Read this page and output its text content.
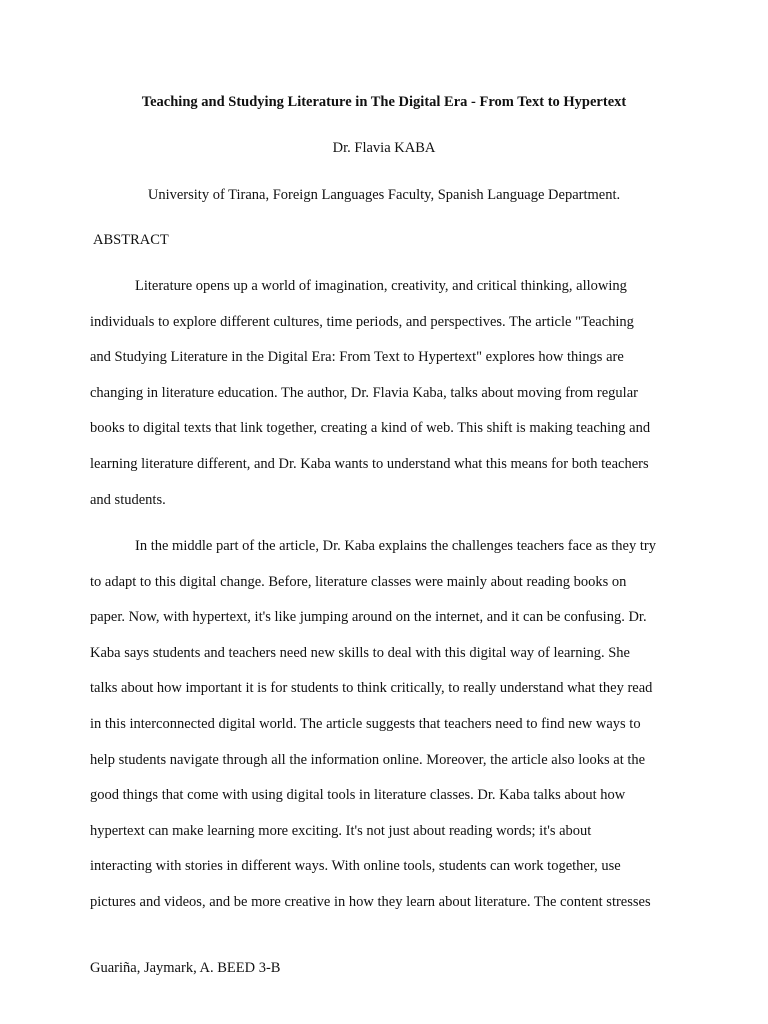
Teaching and Studying Literature in The Digital Era - From Text to Hypertext
Dr. Flavia KABA
University of Tirana, Foreign Languages Faculty, Spanish Language Department.
ABSTRACT
Literature opens up a world of imagination, creativity, and critical thinking, allowing
individuals to explore different cultures, time periods, and perspectives. The article "Teaching
and Studying Literature in the Digital Era: From Text to Hypertext" explores how things are
changing in literature education. The author, Dr. Flavia Kaba, talks about moving from regular
books to digital texts that link together, creating a kind of web. This shift is making teaching and
learning literature different, and Dr. Kaba wants to understand what this means for both teachers
and students.
In the middle part of the article, Dr. Kaba explains the challenges teachers face as they try
to adapt to this digital change. Before, literature classes were mainly about reading books on
paper. Now, with hypertext, it's like jumping around on the internet, and it can be confusing. Dr.
Kaba says students and teachers need new skills to deal with this digital way of learning. She
talks about how important it is for students to think critically, to really understand what they read
in this interconnected digital world. The article suggests that teachers need to find new ways to
help students navigate through all the information online. Moreover, the article also looks at the
good things that come with using digital tools in literature classes. Dr. Kaba talks about how
hypertext can make learning more exciting. It's not just about reading words; it's about
interacting with stories in different ways. With online tools, students can work together, use
pictures and videos, and be more creative in how they learn about literature. The content stresses
Guariña, Jaymark, A. BEED 3-B
